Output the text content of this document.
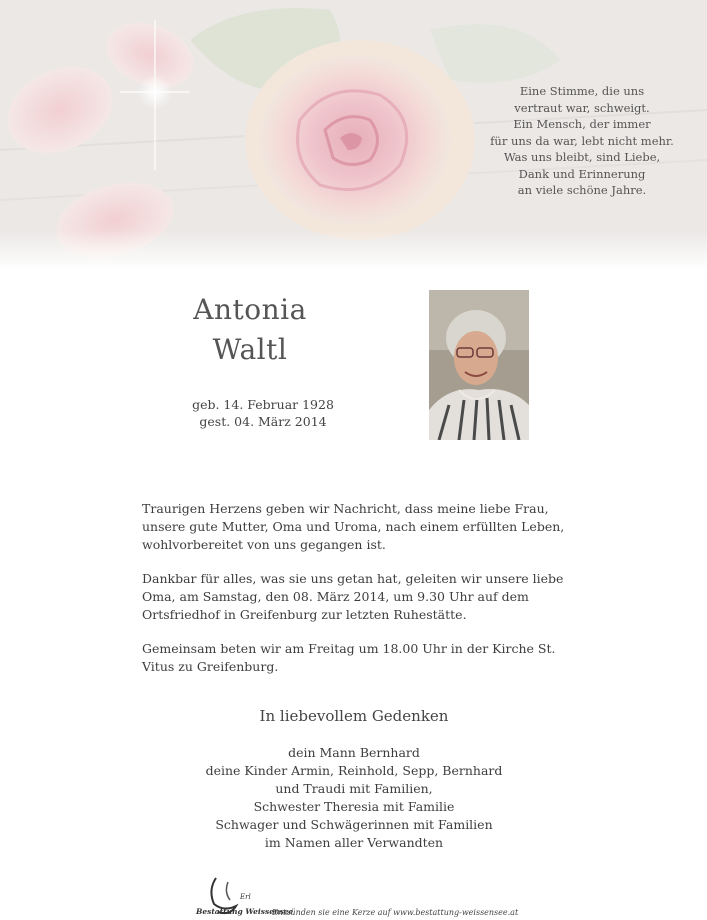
Eine Stimme, die uns
vertraut war, schweigt.
Ein Mensch, der immer
für uns da war, lebt nicht mehr.
Was uns bleibt, sind Liebe,
Dank und Erinnerung
an viele schöne Jahre.
Antonia
Waltl
geb. 14. Februar 1928
gest. 04. März 2014

Traurigen Herzens geben wir Nachricht, dass meine liebe Frau, unsere gute Mutter, Oma und Uroma, nach einem erfüllten Leben, wohlvorbereitet von uns gegangen ist.

Dankbar für alles, was sie uns getan hat, geleiten wir unsere liebe Oma, am Samstag, den 08. März 2014, um 9.30 Uhr auf dem Ortsfriedhof in Greifenburg zur letzten Ruhestätte.

Gemeinsam beten wir am Freitag um 18.00 Uhr in der Kirche St. Vitus zu Greifenburg.

In liebevollem Gedenken
dein Mann Bernhard
deine Kinder Armin, Reinhold, Sepp, Bernhard
und Traudi mit Familien,
Schwester Theresia mit Familie
Schwager und Schwägerinnen mit Familien
im Namen aller Verwandten
Erl
Bestattung Weissensee
Entzünden sie eine Kerze auf www.bestattung-weissensee.at
